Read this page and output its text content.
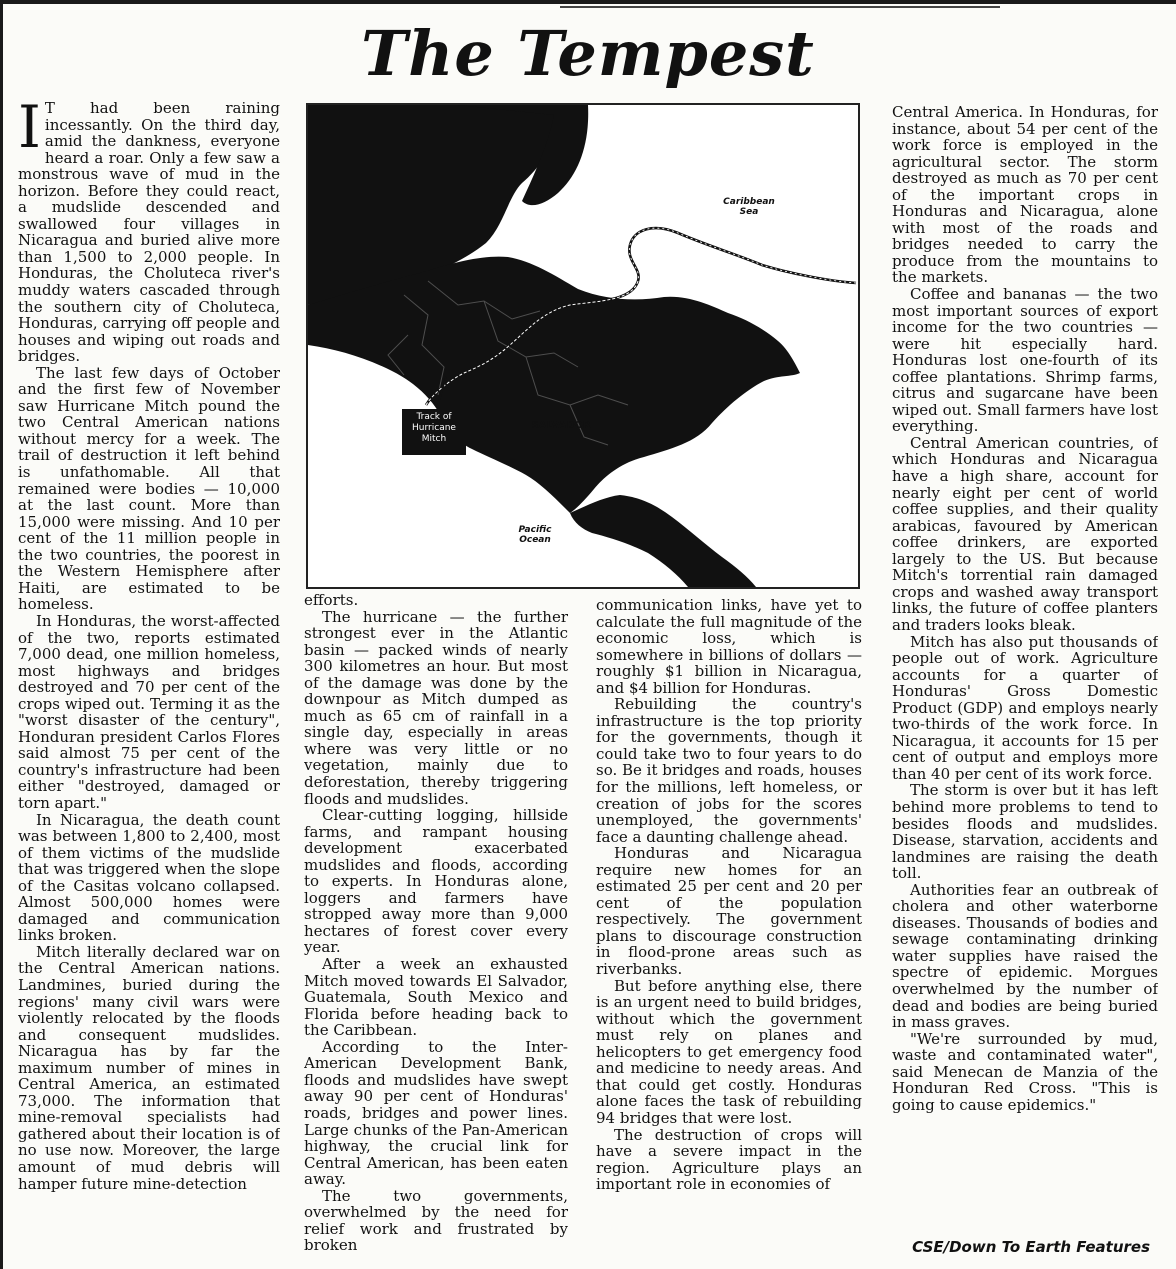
The Tempest

I T had been raining incessantly. On the third day, amid the dankness, everyone heard a roar. Only a few saw a monstrous wave of mud in the horizon. Before they could react, a mudslide descended and swallowed four villages in Nicaragua and buried alive more than 1,500 to 2,000 people. In Honduras, the Choluteca river's muddy waters cascaded through the southern city of Choluteca, Honduras, carrying off people and houses and wiping out roads and bridges.

The last few days of October and the first few of November saw Hurricane Mitch pound the two Central American nations without mercy for a week. The trail of destruction it left behind is unfathomable. All that remained were bodies — 10,000 at the last count. More than 15,000 were missing. And 10 per cent of the 11 million people in the two countries, the poorest in the Western Hemisphere after Haiti, are estimated to be homeless.

In Honduras, the worst-affected of the two, reports estimated 7,000 dead, one million homeless, most highways and bridges destroyed and 70 per cent of the crops wiped out. Terming it as the "worst disaster of the century", Honduran president Carlos Flores said almost 75 per cent of the country's infrastructure had been either "destroyed, damaged or torn apart."

In Nicaragua, the death count was between 1,800 to 2,400, most of them victims of the mudslide that was triggered when the slope of the Casitas volcano collapsed. Almost 500,000 homes were damaged and communication links broken.

Mitch literally declared war on the Central American nations. Landmines, buried during the regions' many civil wars were violently relocated by the floods and consequent mudslides. Nicaragua has by far the maximum number of mines in Central America, an estimated 73,000. The information that mine-removal specialists had gathered about their location is of no use now. Moreover, the large amount of mud debris will hamper future mine-detection

Caribbean Sea
SALVADOR
Pacific Ocean
Track of Hurricane Mitch

efforts.

The hurricane — the further strongest ever in the Atlantic basin — packed winds of nearly 300 kilometres an hour. But most of the damage was done by the downpour as Mitch dumped as much as 65 cm of rainfall in a single day, especially in areas where was very little or no vegetation, mainly due to deforestation, thereby triggering floods and mudslides.

Clear-cutting logging, hillside farms, and rampant housing development exacerbated mudslides and floods, according to experts. In Honduras alone, loggers and farmers have stropped away more than 9,000 hectares of forest cover every year.

After a week an exhausted Mitch moved towards El Salvador, Guatemala, South Mexico and Florida before heading back to the Caribbean.

According to the Inter-American Development Bank, floods and mudslides have swept away 90 per cent of Honduras' roads, bridges and power lines. Large chunks of the Pan-American highway, the crucial link for Central American, has been eaten away.

The two governments, overwhelmed by the need for relief work and frustrated by broken

communication links, have yet to calculate the full magnitude of the economic loss, which is somewhere in billions of dollars — roughly $1 billion in Nicaragua, and $4 billion for Honduras.

Rebuilding the country's infrastructure is the top priority for the governments, though it could take two to four years to do so. Be it bridges and roads, houses for the millions, left homeless, or creation of jobs for the scores unemployed, the governments' face a daunting challenge ahead.

Honduras and Nicaragua require new homes for an estimated 25 per cent and 20 per cent of the population respectively. The government plans to discourage construction in flood-prone areas such as riverbanks.

But before anything else, there is an urgent need to build bridges, without which the government must rely on planes and helicopters to get emergency food and medicine to needy areas. And that could get costly. Honduras alone faces the task of rebuilding 94 bridges that were lost.

The destruction of crops will have a severe impact in the region. Agriculture plays an important role in economies of

Central America. In Honduras, for instance, about 54 per cent of the work force is employed in the agricultural sector. The storm destroyed as much as 70 per cent of the important crops in Honduras and Nicaragua, alone with most of the roads and bridges needed to carry the produce from the mountains to the markets.

Coffee and bananas — the two most important sources of export income for the two countries — were hit especially hard. Honduras lost one-fourth of its coffee plantations. Shrimp farms, citrus and sugarcane have been wiped out. Small farmers have lost everything.

Central American countries, of which Honduras and Nicaragua have a high share, account for nearly eight per cent of world coffee supplies, and their quality arabicas, favoured by American coffee drinkers, are exported largely to the US. But because Mitch's torrential rain damaged crops and washed away transport links, the future of coffee planters and traders looks bleak.

Mitch has also put thousands of people out of work. Agriculture accounts for a quarter of Honduras' Gross Domestic Product (GDP) and employs nearly two-thirds of the work force. In Nicaragua, it accounts for 15 per cent of output and employs more than 40 per cent of its work force.

The storm is over but it has left behind more problems to tend to besides floods and mudslides. Disease, starvation, accidents and landmines are raising the death toll.

Authorities fear an outbreak of cholera and other waterborne diseases. Thousands of bodies and sewage contaminating drinking water supplies have raised the spectre of epidemic. Morgues overwhelmed by the number of dead and bodies are being buried in mass graves.

"We're surrounded by mud, waste and contaminated water", said Menecan de Manzia of the Honduran Red Cross. "This is going to cause epidemics."

CSE/Down To Earth Features
